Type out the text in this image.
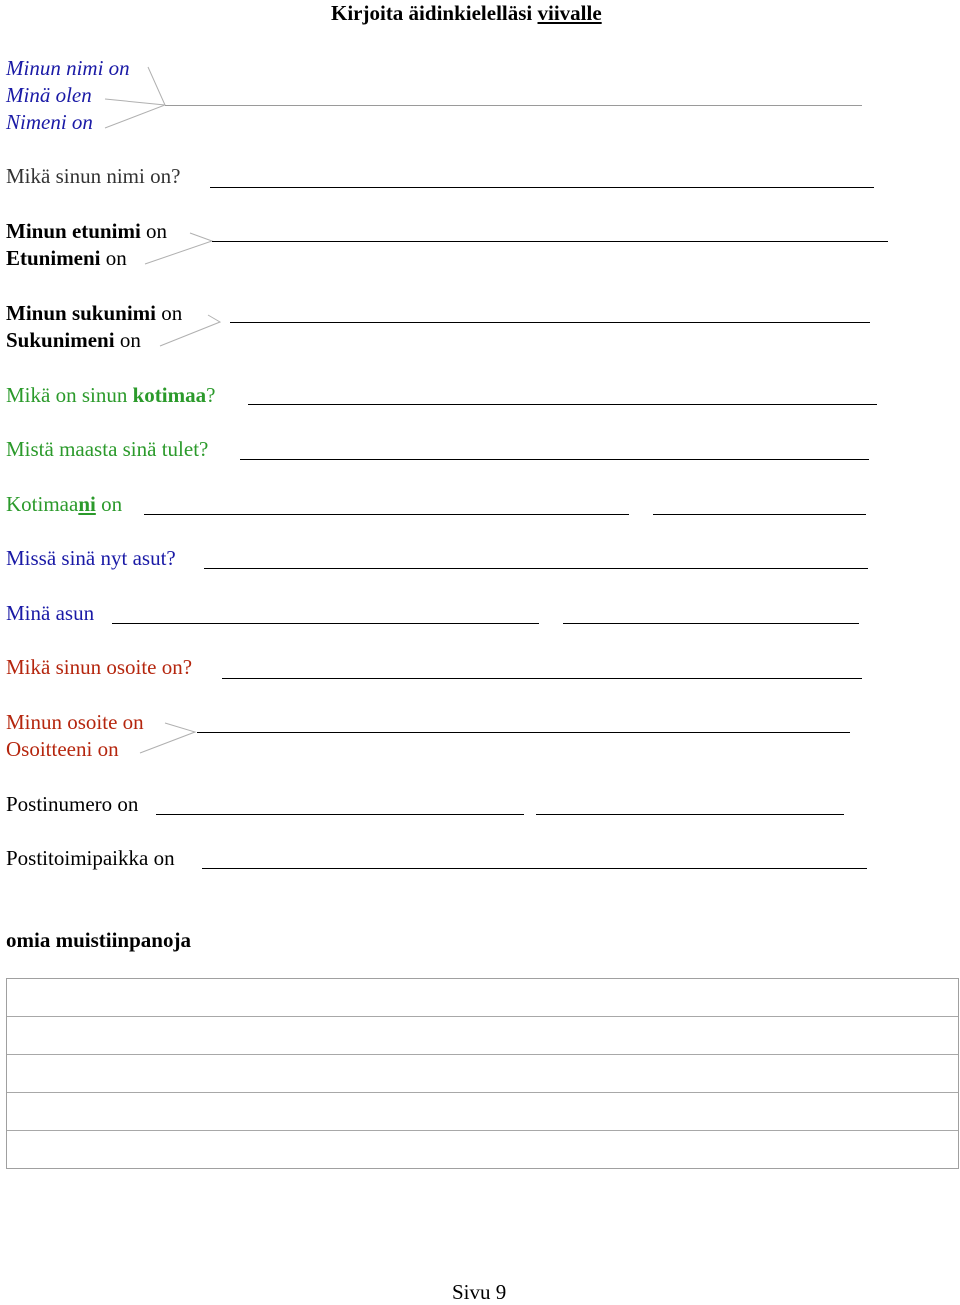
Kirjoita äidinkielelläsi viivalle
Minun nimi on
Minä olen
Nimeni on
Mikä sinun nimi on?
Minun etunimi on
Etunimeni on
Minun sukunimi on
Sukunimeni on
Mikä on sinun kotimaa?
Mistä maasta sinä tulet?
Kotimaani on
Missä sinä nyt asut?
Minä asun
Mikä sinun osoite on?
Minun osoite on
Osoitteeni on
Postinumero on
Postitoimipaikka on
omia muistiinpanoja
Sivu 9
